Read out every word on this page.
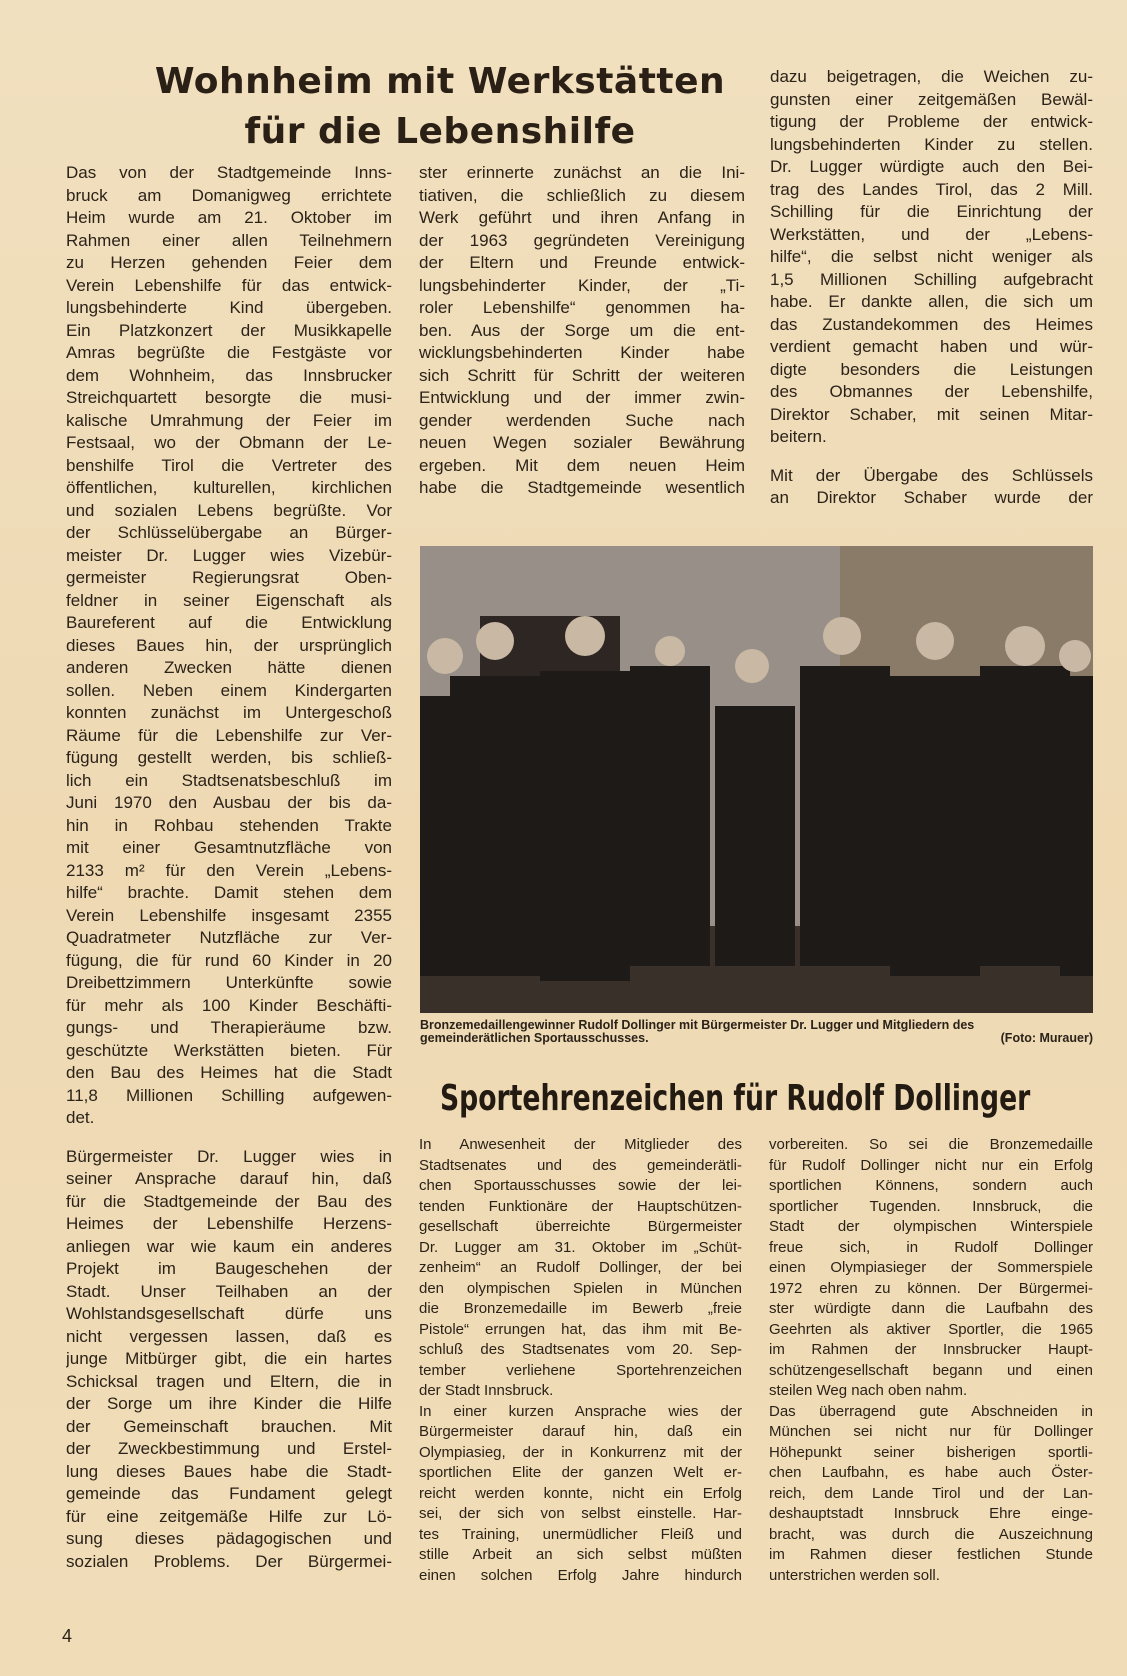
Wohnheim mit Werkstätten
für die Lebenshilfe
Das von der Stadtgemeinde Inns-
bruck am Domanigweg errichtete
Heim wurde am 21. Oktober im
Rahmen einer allen Teilnehmern
zu Herzen gehenden Feier dem
Verein Lebenshilfe für das entwick-
lungsbehinderte Kind übergeben.
Ein Platzkonzert der Musikkapelle
Amras begrüßte die Festgäste vor
dem Wohnheim, das Innsbrucker
Streichquartett besorgte die musi-
kalische Umrahmung der Feier im
Festsaal, wo der Obmann der Le-
benshilfe Tirol die Vertreter des
öffentlichen, kulturellen, kirchlichen
und sozialen Lebens begrüßte. Vor
der Schlüsselübergabe an Bürger-
meister Dr. Lugger wies Vizebür-
germeister Regierungsrat Oben-
feldner in seiner Eigenschaft als
Baureferent auf die Entwicklung
dieses Baues hin, der ursprünglich
anderen Zwecken hätte dienen
sollen. Neben einem Kindergarten
konnten zunächst im Untergeschoß
Räume für die Lebenshilfe zur Ver-
fügung gestellt werden, bis schließ-
lich ein Stadtsenatsbeschluß im
Juni 1970 den Ausbau der bis da-
hin in Rohbau stehenden Trakte
mit einer Gesamtnutzfläche von
2133 m² für den Verein „Lebens-
hilfe“ brachte. Damit stehen dem
Verein Lebenshilfe insgesamt 2355
Quadratmeter Nutzfläche zur Ver-
fügung, die für rund 60 Kinder in 20
Dreibettzimmern Unterkünfte sowie
für mehr als 100 Kinder Beschäfti-
gungs- und Therapieräume bzw.
geschützte Werkstätten bieten. Für
den Bau des Heimes hat die Stadt
11,8 Millionen Schilling aufgewen-
det.
Bürgermeister Dr. Lugger wies in
seiner Ansprache darauf hin, daß
für die Stadtgemeinde der Bau des
Heimes der Lebenshilfe Herzens-
anliegen war wie kaum ein anderes
Projekt im Baugeschehen der
Stadt. Unser Teilhaben an der
Wohlstandsgesellschaft dürfe uns
nicht vergessen lassen, daß es
junge Mitbürger gibt, die ein hartes
Schicksal tragen und Eltern, die in
der Sorge um ihre Kinder die Hilfe
der Gemeinschaft brauchen. Mit
der Zweckbestimmung und Erstel-
lung dieses Baues habe die Stadt-
gemeinde das Fundament gelegt
für eine zeitgemäße Hilfe zur Lö-
sung dieses pädagogischen und
sozialen Problems. Der Bürgermei-
ster erinnerte zunächst an die Ini-
tiativen, die schließlich zu diesem
Werk geführt und ihren Anfang in
der 1963 gegründeten Vereinigung
der Eltern und Freunde entwick-
lungsbehinderter Kinder, der „Ti-
roler Lebenshilfe“ genommen ha-
ben. Aus der Sorge um die ent-
wicklungsbehinderten Kinder habe
sich Schritt für Schritt der weiteren
Entwicklung und der immer zwin-
gender werdenden Suche nach
neuen Wegen sozialer Bewährung
ergeben. Mit dem neuen Heim
habe die Stadtgemeinde wesentlich
dazu beigetragen, die Weichen zu-
gunsten einer zeitgemäßen Bewäl-
tigung der Probleme der entwick-
lungsbehinderten Kinder zu stellen.
Dr. Lugger würdigte auch den Bei-
trag des Landes Tirol, das 2 Mill.
Schilling für die Einrichtung der
Werkstätten, und der „Lebens-
hilfe“, die selbst nicht weniger als
1,5 Millionen Schilling aufgebracht
habe. Er dankte allen, die sich um
das Zustandekommen des Heimes
verdient gemacht haben und wür-
digte besonders die Leistungen
des Obmannes der Lebenshilfe,
Direktor Schaber, mit seinen Mitar-
beitern.
Mit der Übergabe des Schlüssels
an Direktor Schaber wurde der
Bronzemedaillengewinner Rudolf Dollinger mit Bürgermeister Dr. Lugger und Mitgliedern des
gemeinderätlichen Sportausschusses.	(Foto: Murauer)
Sportehrenzeichen für Rudolf Dollinger
In Anwesenheit der Mitglieder des
Stadtsenates und des gemeinderätli-
chen Sportausschusses sowie der lei-
tenden Funktionäre der Hauptschützen-
gesellschaft überreichte Bürgermeister
Dr. Lugger am 31. Oktober im „Schüt-
zenheim“ an Rudolf Dollinger, der bei
den olympischen Spielen in München
die Bronzemedaille im Bewerb „freie
Pistole“ errungen hat, das ihm mit Be-
schluß des Stadtsenates vom 20. Sep-
tember verliehene Sportehrenzeichen
der Stadt Innsbruck.
In einer kurzen Ansprache wies der
Bürgermeister darauf hin, daß ein
Olympiasieg, der in Konkurrenz mit der
sportlichen Elite der ganzen Welt er-
reicht werden konnte, nicht ein Erfolg
sei, der sich von selbst einstelle. Har-
tes Training, unermüdlicher Fleiß und
stille Arbeit an sich selbst müßten
einen solchen Erfolg Jahre hindurch
vorbereiten. So sei die Bronzemedaille
für Rudolf Dollinger nicht nur ein Erfolg
sportlichen Könnens, sondern auch
sportlicher Tugenden. Innsbruck, die
Stadt der olympischen Winterspiele
freue sich, in Rudolf Dollinger
einen Olympiasieger der Sommerspiele
1972 ehren zu können. Der Bürgermei-
ster würdigte dann die Laufbahn des
Geehrten als aktiver Sportler, die 1965
im Rahmen der Innsbrucker Haupt-
schützengesellschaft begann und einen
steilen Weg nach oben nahm.
Das überragend gute Abschneiden in
München sei nicht nur für Dollinger
Höhepunkt seiner bisherigen sportli-
chen Laufbahn, es habe auch Öster-
reich, dem Lande Tirol und der Lan-
deshauptstadt Innsbruck Ehre einge-
bracht, was durch die Auszeichnung
im Rahmen dieser festlichen Stunde
unterstrichen werden soll.
4
